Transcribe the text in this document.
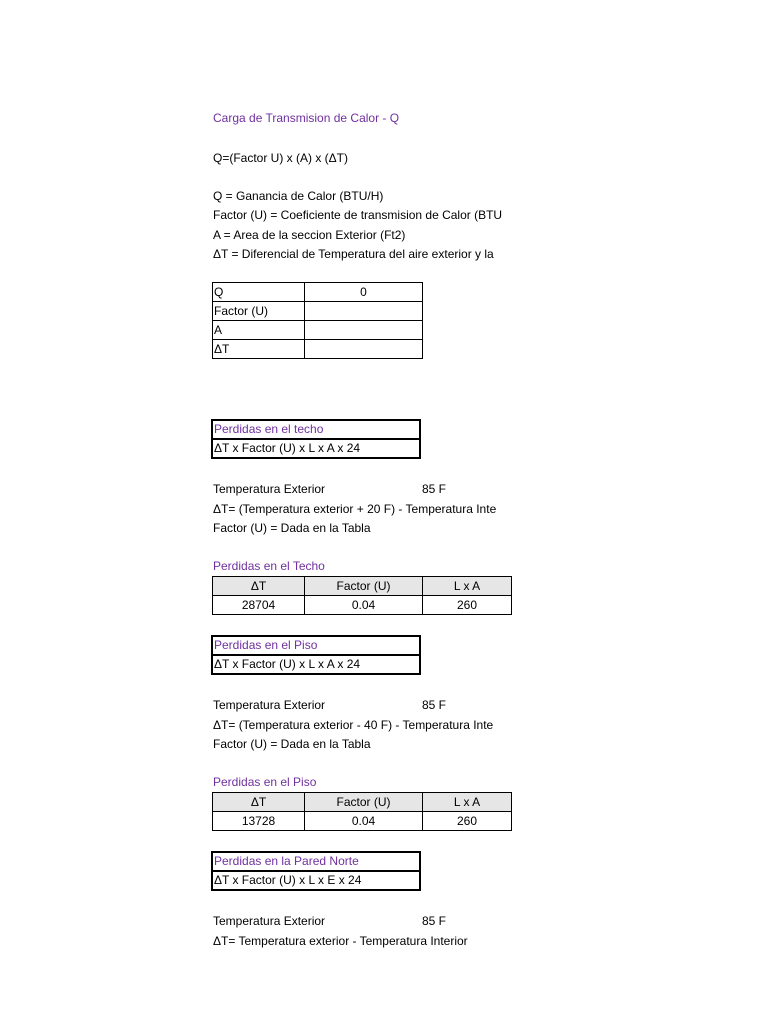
Carga de Transmision de Calor - Q
Q=(Factor U) x (A) x (ΔT)
Q = Ganancia de Calor (BTU/H)
Factor (U) = Coeficiente de transmision de Calor (BTU
A = Area de la seccion Exterior (Ft2)
ΔT = Diferencial de Temperatura del aire exterior y la
Q	0
Factor (U)	
A	
ΔT	
Perdidas en el techo
ΔT x Factor (U) x L x A x 24
Temperatura Exterior	85 F
ΔT= (Temperatura exterior + 20 F) - Temperatura Inte
Factor (U) = Dada en la Tabla
Perdidas en el Techo
ΔT	Factor (U)	L x A
28704	0.04	260
Perdidas en el Piso
ΔT x Factor (U) x L x A x 24
Temperatura Exterior	85 F
ΔT= (Temperatura exterior - 40 F) - Temperatura Inte
Factor (U) = Dada en la Tabla
Perdidas en el Piso
ΔT	Factor (U)	L x A
13728	0.04	260
Perdidas en la Pared Norte
ΔT x Factor (U) x L x E x 24
Temperatura Exterior	85 F
ΔT= Temperatura exterior - Temperatura Interior
